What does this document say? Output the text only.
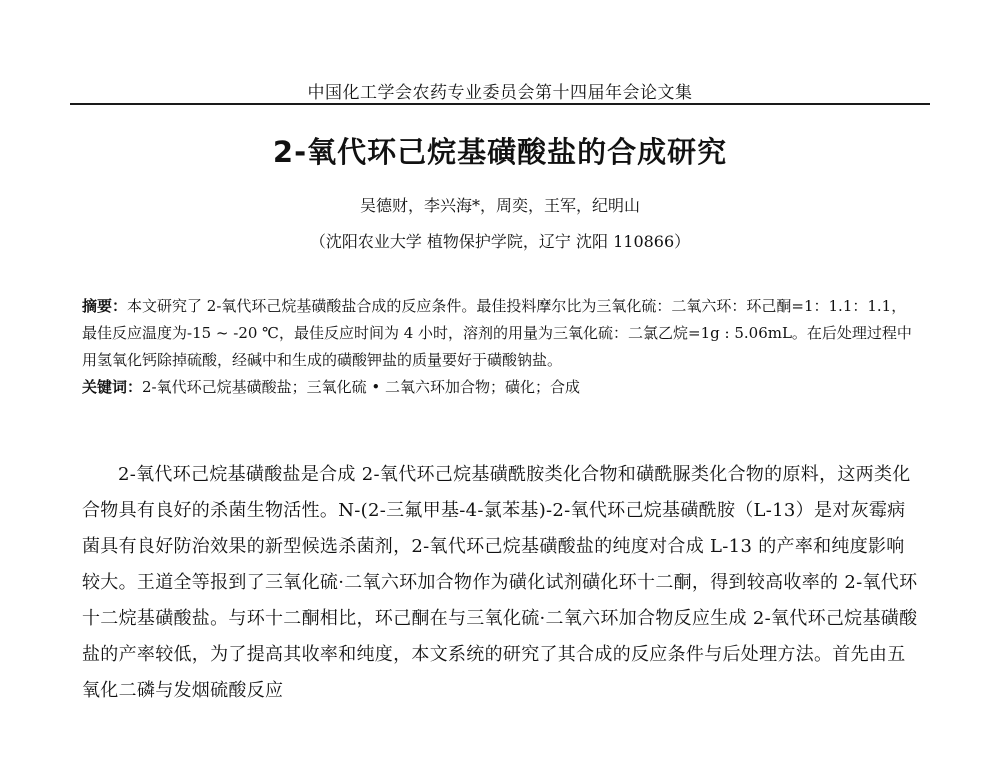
中国化工学会农药专业委员会第十四届年会论文集
2-氧代环己烷基磺酸盐的合成研究
吴德财，李兴海*，周奕，王军，纪明山
（沈阳农业大学 植物保护学院，辽宁 沈阳 110866）
摘要：本文研究了 2-氧代环己烷基磺酸盐合成的反应条件。最佳投料摩尔比为三氧化硫：二氧六环：环己酮=1：1.1：1.1，最佳反应温度为-15 ~ -20 ℃，最佳反应时间为 4 小时，溶剂的用量为三氧化硫：二氯乙烷=1g : 5.06mL。在后处理过程中用氢氧化钙除掉硫酸，经碱中和生成的磺酸钾盐的质量要好于磺酸钠盐。
关键词：2-氧代环己烷基磺酸盐；三氧化硫 • 二氧六环加合物；磺化；合成
2-氧代环己烷基磺酸盐是合成 2-氧代环己烷基磺酰胺类化合物和磺酰脲类化合物的原料，这两类化合物具有良好的杀菌生物活性。N-(2-三氟甲基-4-氯苯基)-2-氧代环己烷基磺酰胺（L-13）是对灰霉病菌具有良好防治效果的新型候选杀菌剂，2-氧代环己烷基磺酸盐的纯度对合成 L-13 的产率和纯度影响较大。王道全等报到了三氧化硫·二氧六环加合物作为磺化试剂磺化环十二酮，得到较高收率的 2-氧代环十二烷基磺酸盐。与环十二酮相比，环己酮在与三氧化硫·二氧六环加合物反应生成 2-氧代环己烷基磺酸盐的产率较低，为了提高其收率和纯度，本文系统的研究了其合成的反应条件与后处理方法。首先由五氧化二磷与发烟硫酸反应
